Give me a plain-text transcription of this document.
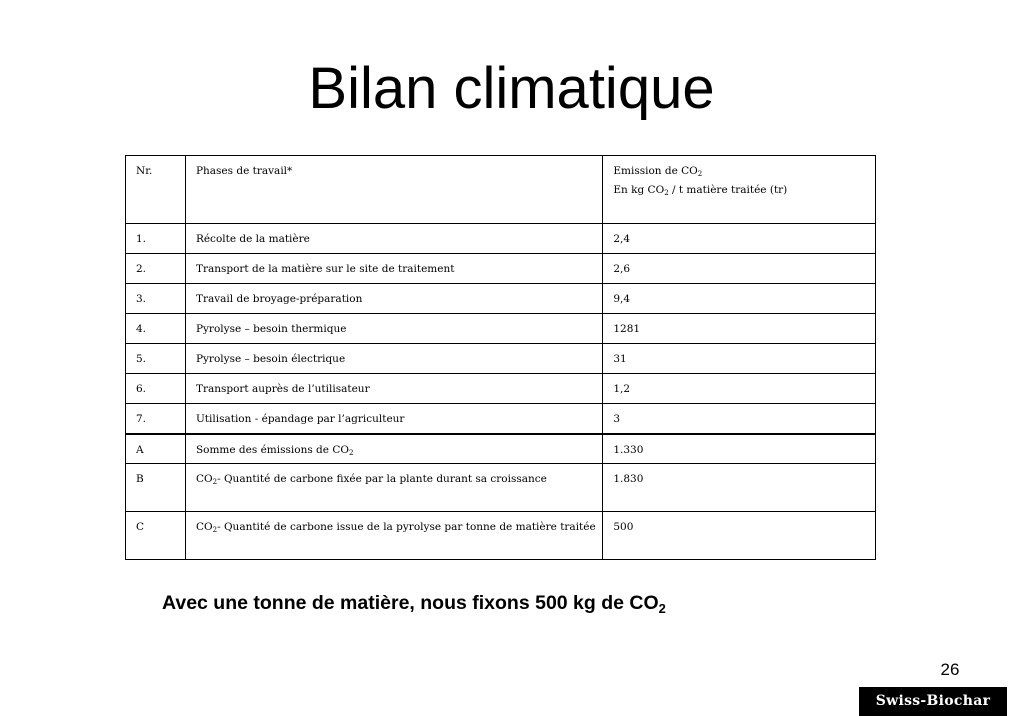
Bilan climatique
Nr.	Phases de travail*	Emission de $CO_2$
En kg $CO_2$ / t matière traitée (tr)

1.	Récolte de la matière	2,4
2.	Transport de la matière sur le site de traitement	2,6
3.	Travail de broyage-préparation	9,4
4.	Pyrolyse – besoin thermique	1281
5.	Pyrolyse – besoin électrique	31
6.	Transport auprès de l’utilisateur	1,2
7.	Utilisation - épandage par l’agriculteur	3
A	Somme des émissions de $CO_2$	1.330
B	$CO_2-$ Quantité de carbone fixée par la plante durant sa croissance	1.830
C	$CO_2-$ Quantité de carbone issue de la pyrolyse par tonne de matière traitée	500
Avec une tonne de matière, nous fixons 500 kg de $CO_2$
26
Swiss-Biochar
